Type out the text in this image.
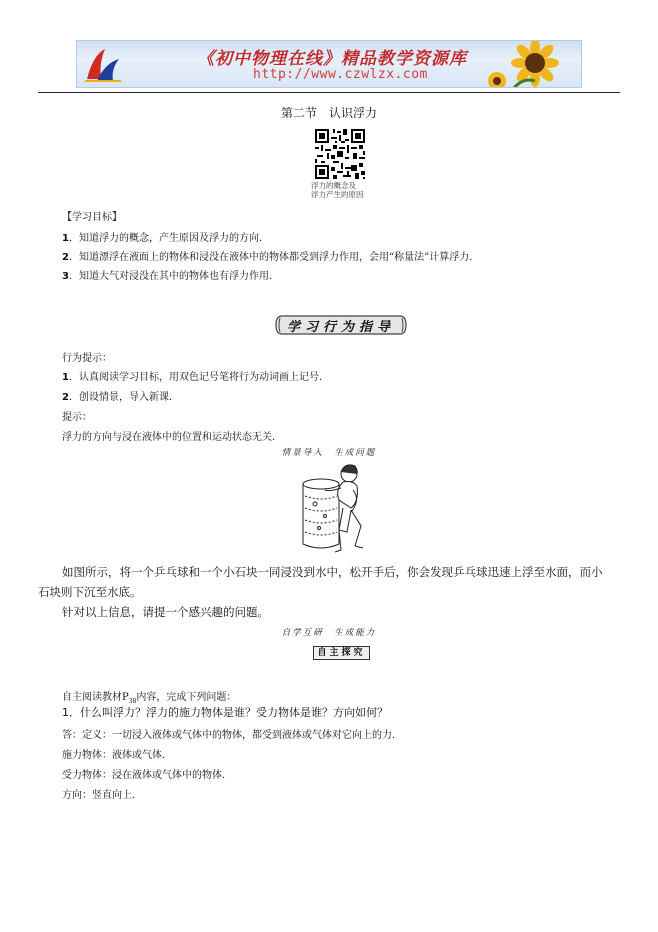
《初中物理在线》精品教学资源库
http://www.czwlzx.com
第二节　认识浮力
浮力的概念及
浮力产生的原因
【学习目标】
1．知道浮力的概念，产生原因及浮力的方向．
2．知道漂浮在液面上的物体和浸没在液体中的物体都受到浮力作用，会用“称量法”计算浮力．
3．知道大气对浸没在其中的物体也有浮力作用．
学习行为指导
行为提示：
1．认真阅读学习目标，用双色记号笔将行为动词画上记号．
2．创设情景，导入新课．
提示：
浮力的方向与浸在液体中的位置和运动状态无关．
情景导入　生成问题
如图所示，将一个乒乓球和一个小石块一同浸没到水中，松开手后，你会发现乒乓球迅速上浮至水面，而小
石块则下沉至水底。
针对以上信息，请提一个感兴趣的问题。
自学互研　生成能力
自主探究
自主阅读教材$P_{38}$内容，完成下列问题：
1．什么叫浮力？浮力的施力物体是谁？受力物体是谁？方向如何？
答：定义：一切浸入液体或气体中的物体，都受到液体或气体对它向上的力．
施力物体：液体或气体．
受力物体：浸在液体或气体中的物体．
方向：竖直向上．
